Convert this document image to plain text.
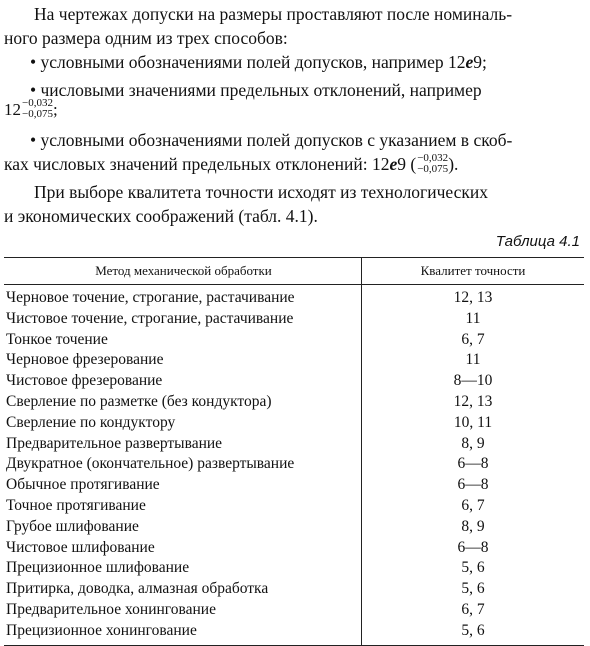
На чертежах допуски на размеры проставляют после номиналь-
ного размера одним из трех способов:

• условными обозначениями полей допусков, например 12e9;

• числовыми значениями предельных отклонений, например

12 −0,032
−0,075 ;

• условными обозначениями полей допусков с указанием в скоб-
ках числовых значений предельных отклонений: 12e9 ( −0,032
−0,075 ).

При выборе квалитета точности исходят из технологических
и экономических соображений (табл. 4.1).

Таблица 4.1
Метод механической обработки	Квалитет точности
Черновое точение, строгание, растачивание	12, 13
Чистовое точение, строгание, растачивание	11
Тонкое точение	6, 7
Черновое фрезерование	11
Чистовое фрезерование	8—10
Сверление по разметке (без кондуктора)	12, 13
Сверление по кондуктору	10, 11
Предварительное развертывание	8, 9
Двукратное (окончательное) развертывание	6—8
Обычное протягивание	6—8
Точное протягивание	6, 7
Грубое шлифование	8, 9
Чистовое шлифование	6—8
Прецизионное шлифование	5, 6
Притирка, доводка, алмазная обработка	5, 6
Предварительное хонингование	6, 7
Прецизионное хонингование	5, 6
